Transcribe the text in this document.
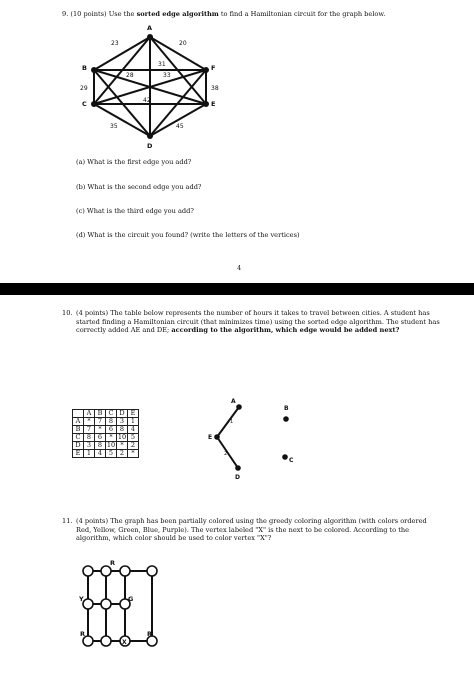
9. (10 points) Use the sorted edge algorithm to find a Hamiltonian circuit for the graph below.
A
B	F
C	E
D
23	20
31
28	33
29	38
42
35	45
(a) What is the first edge you add?
(b) What is the second edge you add?
(c) What is the third edge you add?
(d) What is the circuit you found? (write the letters of the vertices)
4
10. (4 points) The table below represents the number of hours it takes to travel between cities. A student has started finding a Hamiltonian circuit (that minimizes time) using the sorted edge algorithm. The student has correctly added AE and DE; according to the algorithm, which edge would be added next?
	A	B	C	D	E
A	*	7	8	3	1
B	7	*	6	8	4
C	8	6	*	10	5
D	3	8	10	*	2
E	1	4	5	2	*
A
B
E
C
D
1
2
11. (4 points) The graph has been partially colored using the greedy coloring algorithm (with colors ordered Red, Yellow, Green, Blue, Purple). The vertex labeled "X" is the next to be colored. According to the algorithm, which color should be used to color vertex "X"?
R
Y	G
R	R
X
